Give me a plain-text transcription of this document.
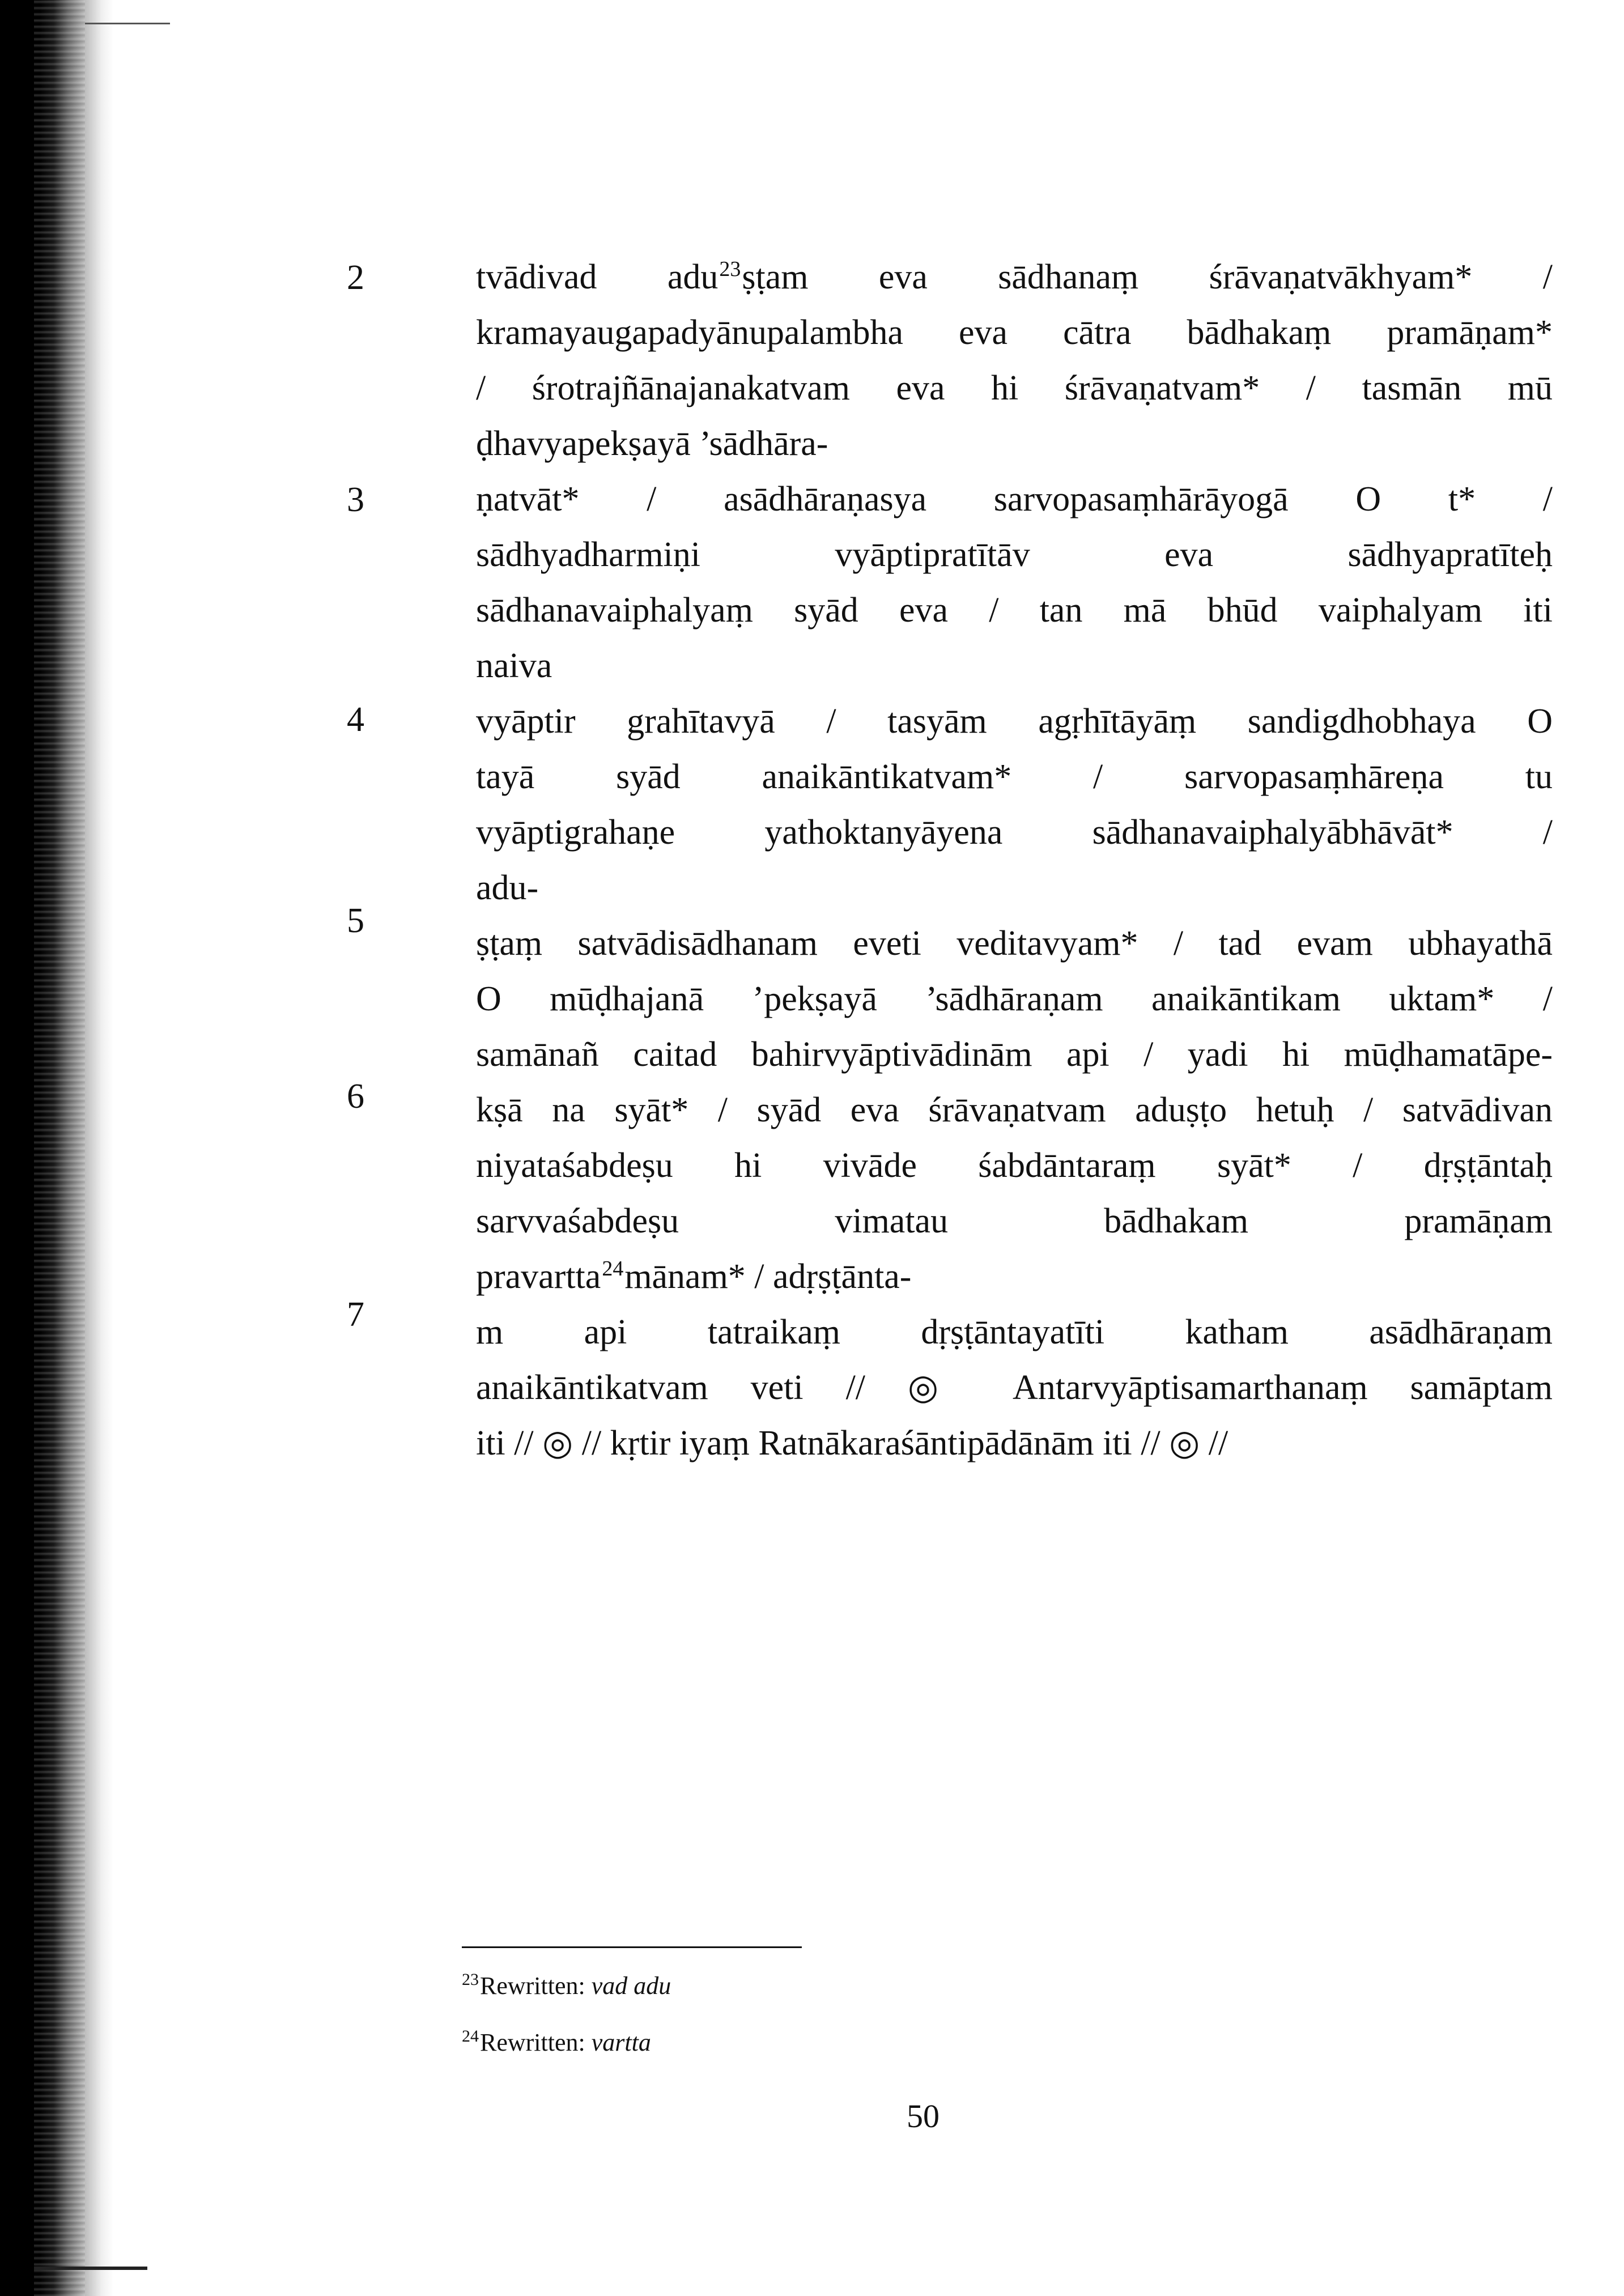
2
3
4
5
6
7
tvādivad adu$^{23}$ṣṭam eva sādhanaṃ śrāvaṇatvākhyam* /
kramayaugapadyānupalambha eva cātra bādhakaṃ pramāṇam*
/ śrotrajñānajanakatvam eva hi śrāvaṇatvam* / tasmān mū
ḍhavyapekṣayā ’sādhāra-
ṇatvāt* / asādhāraṇasya sarvopasaṃhārāyogā O t* /
sādhyadharmiṇi vyāptipratītāv eva sādhyapratīteḥ
sādhanavaiphalyaṃ syād eva / tan mā bhūd vaiphalyam iti
naiva
vyāptir grahītavyā / tasyām agṛhītāyāṃ sandigdhobhaya O
tayā syād anaikāntikatvam* / sarvopasaṃhāreṇa tu
vyāptigrahaṇe yathoktanyāyena sādhanavaiphalyābhāvāt* /
adu-
ṣṭaṃ satvādisādhanam eveti veditavyam* / tad evam ubhayathā
O mūḍhajanā ’pekṣayā ’sādhāraṇam anaikāntikam uktam* /
samānañ caitad bahirvyāptivādinām api / yadi hi mūḍhamatāpe-
kṣā na syāt* / syād eva śrāvaṇatvam aduṣṭo hetuḥ / satvādivan
niyataśabdeṣu hi vivāde śabdāntaraṃ syāt* / dṛṣṭāntaḥ
sarvvaśabdeṣu vimatau bādhakam pramāṇam
pravartta$^{24}$mānam* / adṛṣṭānta-
m api tatraikaṃ dṛṣṭāntayatīti katham asādhāraṇam
anaikāntikatvam veti // ◎ Antarvyāptisamarthanaṃ samāptam
iti // ◎ // kṛtir iyaṃ Ratnākaraśāntipādānām iti // ◎ //
$^{23}$Rewritten: vad adu
$^{24}$Rewritten: vartta
50
